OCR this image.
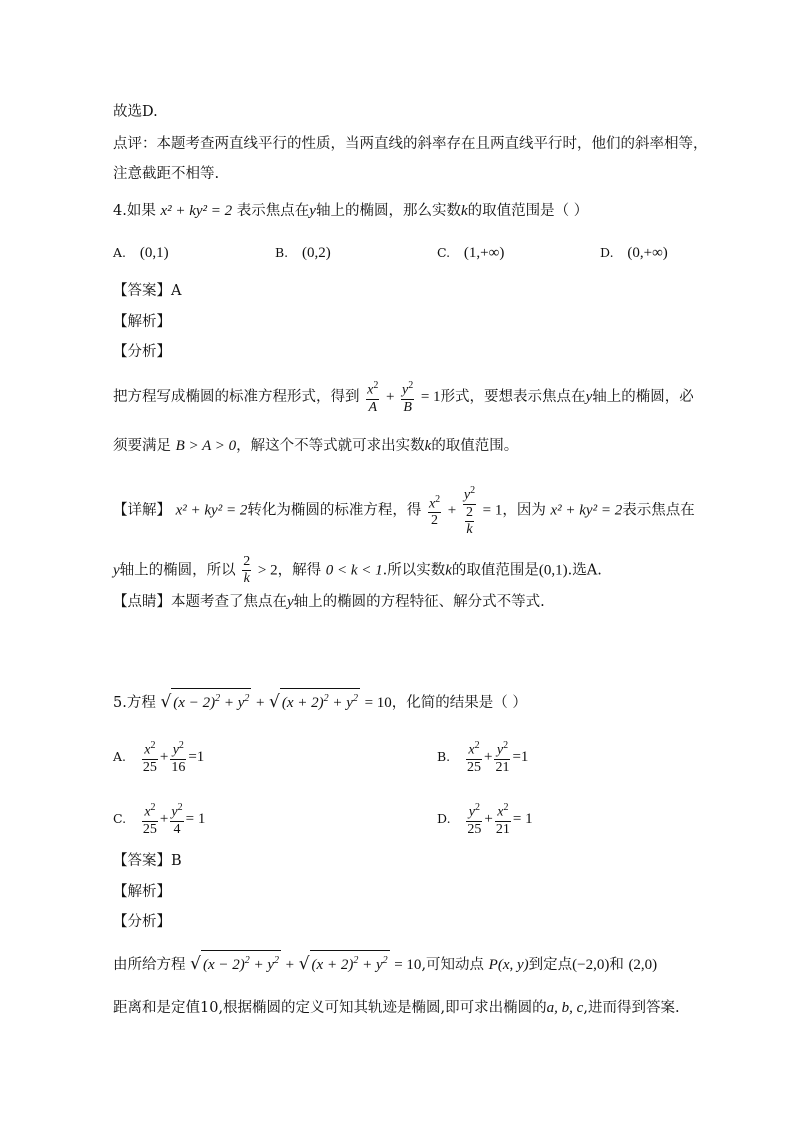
故选D.
点评：本题考查两直线平行的性质，当两直线的斜率存在且两直线平行时，他们的斜率相等，
注意截距不相等.
4.如果 x² + ky² = 2 表示焦点在y轴上的椭圆，那么实数k的取值范围是（ ）
A. (0,1)	B. (0,2)	C. (1,+∞)	D. (0,+∞)
【答案】A
【解析】
【分析】
把方程写成椭圆的标准方程形式，得到 $\frac{x^2}{A} + \frac{y^2}{B} = 1$形式，要想表示焦点在y轴上的椭圆，必
须要满足 B > A > 0，解这个不等式就可求出实数k的取值范围。
【详解】 x² + ky² = 2转化为椭圆的标准方程，得 $\frac{x^2}{2} + \frac{y^2}{\frac{2}{k}} = 1$，因为 x² + ky² = 2表示焦点在
y轴上的椭圆，所以 $\frac{2}{k} > 2$，解得 0 < k < 1.所以实数k的取值范围是(0,1).选A.
【点睛】本题考查了焦点在y轴上的椭圆的方程特征、解分式不等式.
5.方程 √ $(x - 2)^2 + y^2$ + √ $(x + 2)^2 + y^2 = 10$，化简的结果是（ ）
A. $\frac{x^2}{25} + \frac{y^2}{16} =1$	B. $\frac{x^2}{25} + \frac{y^2}{21} =1$
C. $\frac{x^2}{25} + \frac{y^2}{4} = 1$	D. $\frac{y^2}{25} + \frac{x^2}{21} = 1$
【答案】B
【解析】
【分析】
由所给方程 √ $(x - 2)^2 + y^2$ + √ $(x + 2)^2 + y^2 = 10$,可知动点 P(x, y)到定点(−2,0)和 (2,0)
距离和是定值10,根据椭圆的定义可知其轨迹是椭圆,即可求出椭圆的a, b, c,进而得到答案.
